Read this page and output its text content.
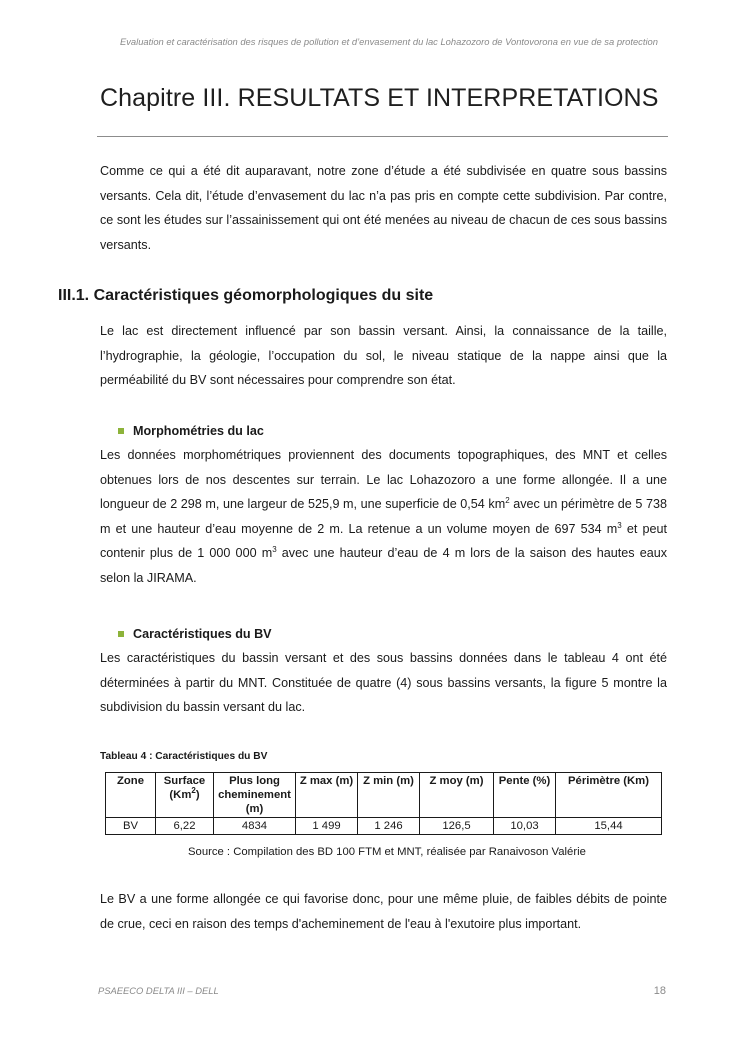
Evaluation et caractérisation des risques de pollution et d’envasement du lac Lohazozoro de Vontovorona en vue de sa protection
Chapitre III. RESULTATS ET INTERPRETATIONS

Comme ce qui a été dit auparavant, notre zone d’étude a été subdivisée en quatre sous bassins versants. Cela dit, l’étude d’envasement du lac n’a pas pris en compte cette subdivision. Par contre, ce sont les études sur l’assainissement qui ont été menées au niveau de chacun de ces sous bassins versants.

III.1. Caractéristiques géomorphologiques du site

Le lac est directement influencé par son bassin versant. Ainsi, la connaissance de la taille, l’hydrographie, la géologie, l’occupation du sol, le niveau statique de la nappe ainsi que la perméabilité du BV sont nécessaires pour comprendre son état.

Morphométries du lac

Les données morphométriques proviennent des documents topographiques, des MNT et celles obtenues lors de nos descentes sur terrain. Le lac Lohazozoro a une forme allongée. Il a une longueur de 2 298 m, une largeur de 525,9 m, une superficie de 0,54 $km^2$ avec un périmètre de 5 738 m et une hauteur d’eau moyenne de 2 m. La retenue a un volume moyen de 697 534 $m^3$ et peut contenir plus de 1 000 000 $m^3$ avec une hauteur d’eau de 4 m lors de la saison des hautes eaux selon la JIRAMA.

Caractéristiques du BV

Les caractéristiques du bassin versant et des sous bassins données dans le tableau 4 ont été déterminées à partir du MNT. Constituée de quatre (4) sous bassins versants, la figure 5 montre la subdivision du bassin versant du lac.

Tableau 4 : Caractéristiques du BV

Zone	Surface (Km$^2$)	Plus long cheminement (m)	Z max (m)	Z min (m)	Z moy (m)	Pente (%)	Périmètre (Km)
BV	6,22	4834	1 499	1 246	126,5	10,03	15,44

Source : Compilation des BD 100 FTM et MNT, réalisée par Ranaivoson Valérie

Le BV a une forme allongée ce qui favorise donc, pour une même pluie, de faibles débits de pointe de crue, ceci en raison des temps d'acheminement de l'eau à l'exutoire plus important.

PSAEECO DELTA III – DELL	18
